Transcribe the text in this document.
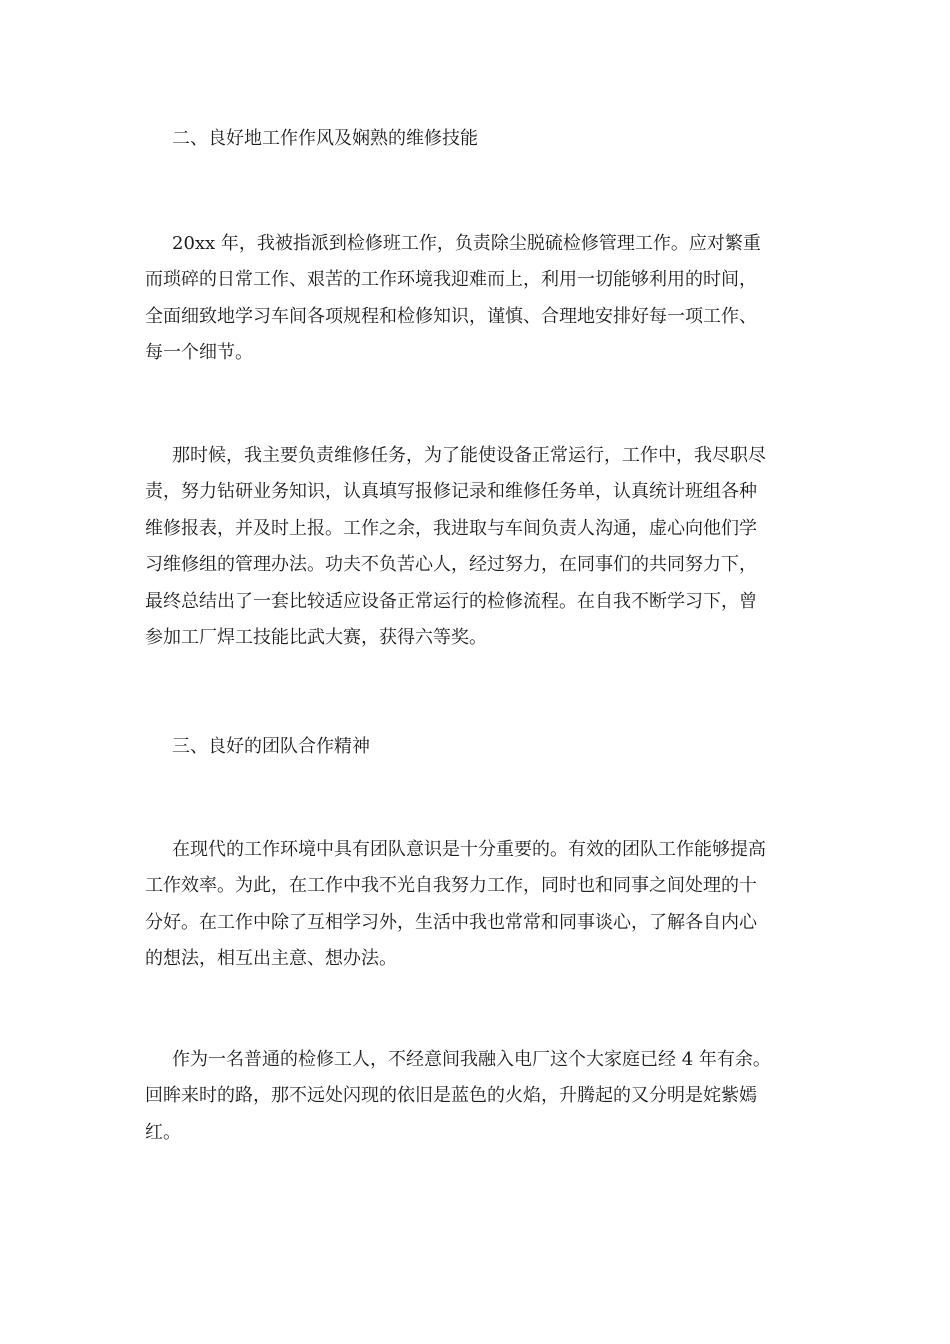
二、良好地工作作风及娴熟的维修技能

20xx 年，我被指派到检修班工作，负责除尘脱硫检修管理工作。应对繁重
而琐碎的日常工作、艰苦的工作环境我迎难而上，利用一切能够利用的时间，
全面细致地学习车间各项规程和检修知识，谨慎、合理地安排好每一项工作、
每一个细节。
那时候，我主要负责维修任务，为了能使设备正常运行，工作中，我尽职尽
责，努力钻研业务知识，认真填写报修记录和维修任务单，认真统计班组各种
维修报表，并及时上报。工作之余，我进取与车间负责人沟通，虚心向他们学
习维修组的管理办法。功夫不负苦心人，经过努力，在同事们的共同努力下，
最终总结出了一套比较适应设备正常运行的检修流程。在自我不断学习下，曾
参加工厂焊工技能比武大赛，获得六等奖。

三、良好的团队合作精神

在现代的工作环境中具有团队意识是十分重要的。有效的团队工作能够提高
工作效率。为此，在工作中我不光自我努力工作，同时也和同事之间处理的十
分好。在工作中除了互相学习外，生活中我也常常和同事谈心，了解各自内心
的想法，相互出主意、想办法。
作为一名普通的检修工人，不经意间我融入电厂这个大家庭已经 4 年有余。
回眸来时的路，那不远处闪现的依旧是蓝色的火焰，升腾起的又分明是姹紫嫣
红。
